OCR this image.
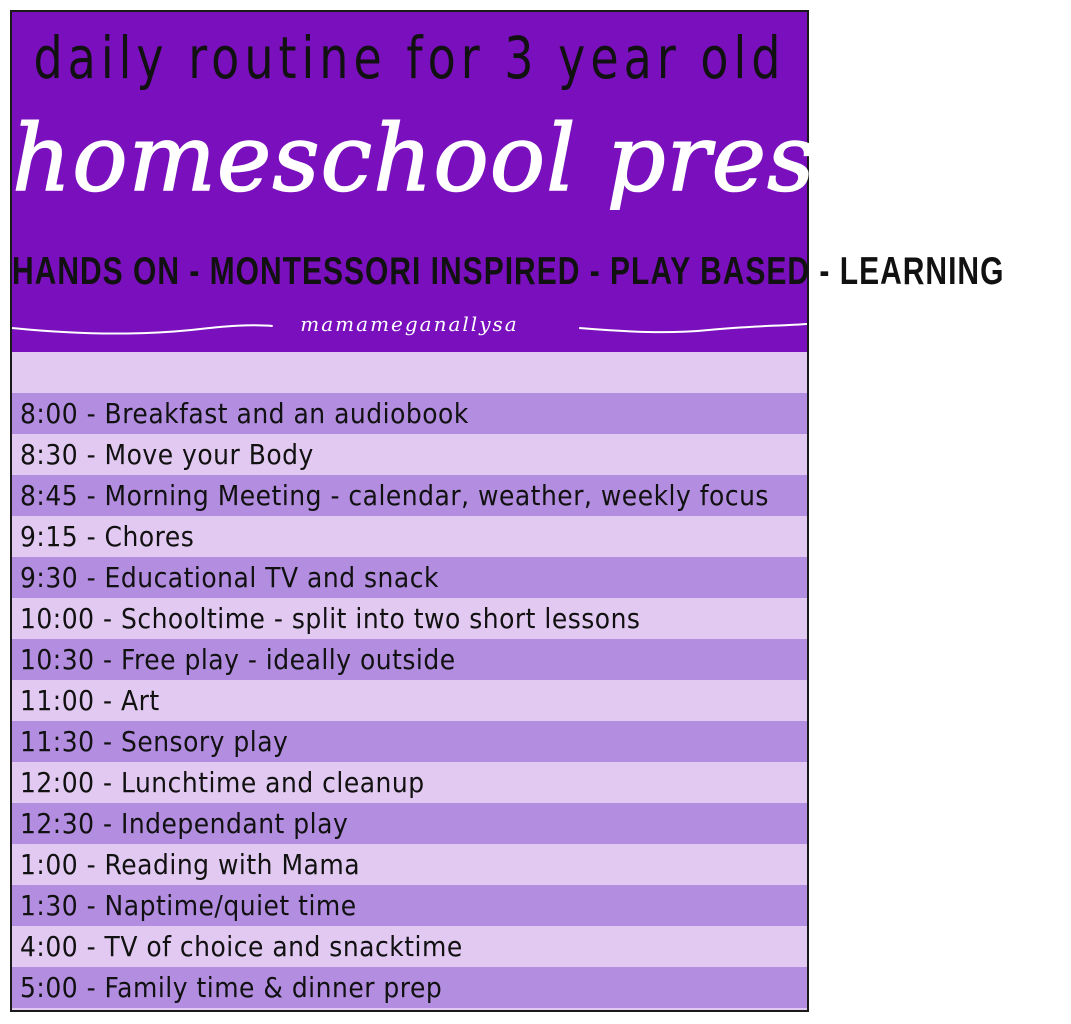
daily routine for 3 year old
homeschool preschool
HANDS ON - MONTESSORI INSPIRED - PLAY BASED - LEARNING
mamameganallysa
8:00 - Breakfast and an audiobook
8:30 - Move your Body
8:45 - Morning Meeting - calendar, weather, weekly focus
9:15 - Chores
9:30 - Educational TV and snack
10:00 - Schooltime - split into two short lessons
10:30 - Free play - ideally outside
11:00 - Art
11:30 - Sensory play
12:00 - Lunchtime and cleanup
12:30 - Independant play
1:00 - Reading with Mama
1:30 - Naptime/quiet time
4:00 - TV of choice and snacktime
5:00 - Family time & dinner prep
